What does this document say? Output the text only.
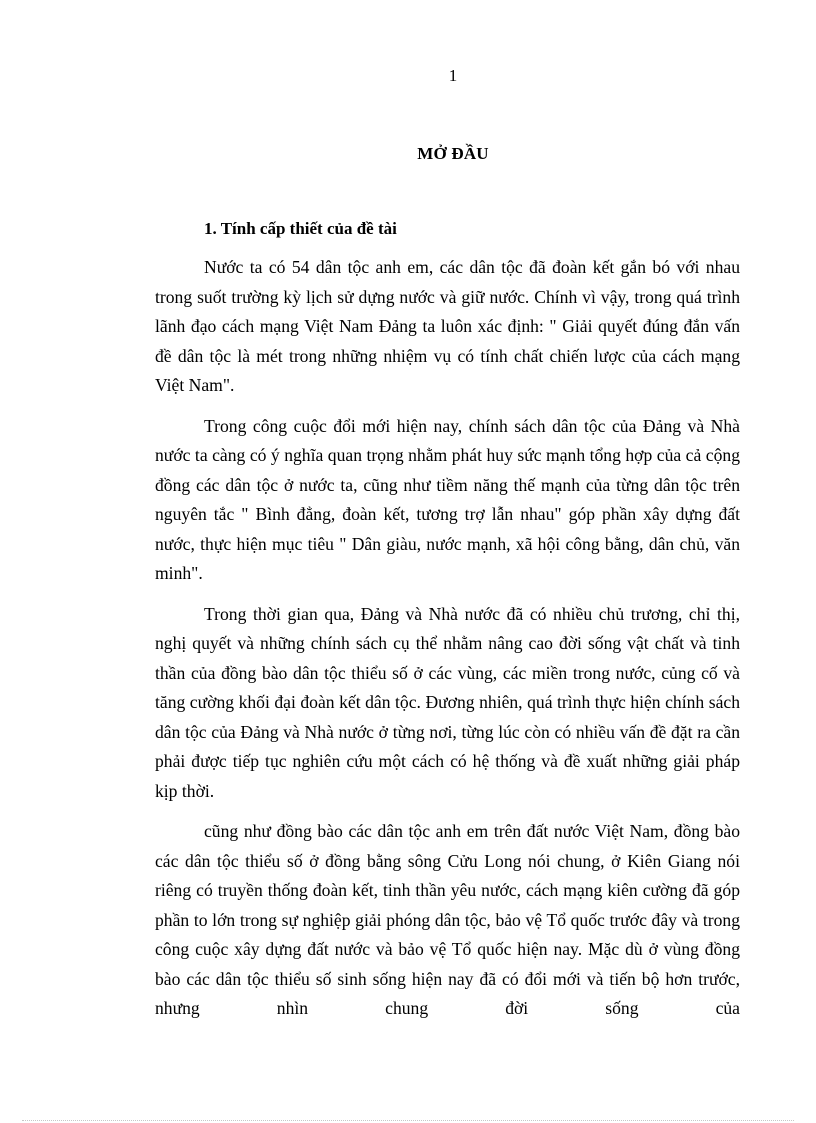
1
MỞ ĐẦU
1. Tính cấp thiết của đề tài

Nước ta có 54 dân tộc anh em, các dân tộc đã đoàn kết gắn bó với nhau trong suốt trường kỳ lịch sử dựng nước và giữ nước. Chính vì vậy, trong quá trình lãnh đạo cách mạng Việt Nam Đảng ta luôn xác định: " Giải quyết đúng đắn vấn đề dân tộc là mét trong những nhiệm vụ có tính chất chiến lược của cách mạng Việt Nam".

Trong công cuộc đổi mới hiện nay, chính sách dân tộc của Đảng và Nhà nước ta càng có ý nghĩa quan trọng nhằm phát huy sức mạnh tổng hợp của cả cộng đồng các dân tộc ở nước ta, cũng như tiềm năng thế mạnh của từng dân tộc trên nguyên tắc " Bình đẳng, đoàn kết, tương trợ lẫn nhau" góp phần xây dựng đất nước, thực hiện mục tiêu " Dân giàu, nước mạnh, xã hội công bằng, dân chủ, văn minh".

Trong thời gian qua, Đảng và Nhà nước đã có nhiều chủ trương, chỉ thị, nghị quyết và những chính sách cụ thể nhằm nâng cao đời sống vật chất và tinh thần của đồng bào dân tộc thiểu số ở các vùng, các miền trong nước, củng cố và tăng cường khối đại đoàn kết dân tộc. Đương nhiên, quá trình thực hiện chính sách dân tộc của Đảng và Nhà nước ở từng nơi, từng lúc còn có nhiều vấn đề đặt ra cần phải được tiếp tục nghiên cứu một cách có hệ thống và đề xuất những giải pháp kịp thời.

cũng như đồng bào các dân tộc anh em trên đất nước Việt Nam, đồng bào các dân tộc thiểu số ở đồng bằng sông Cửu Long nói chung, ở Kiên Giang nói riêng có truyền thống đoàn kết, tinh thần yêu nước, cách mạng kiên cường đã góp phần to lớn trong sự nghiệp giải phóng dân tộc, bảo vệ Tổ quốc trước đây và trong công cuộc xây dựng đất nước và bảo vệ Tổ quốc hiện nay. Mặc dù ở vùng đồng bào các dân tộc thiểu số sinh sống hiện nay đã có đổi mới và tiến bộ hơn trước, nhưng nhìn chung đời sống của
